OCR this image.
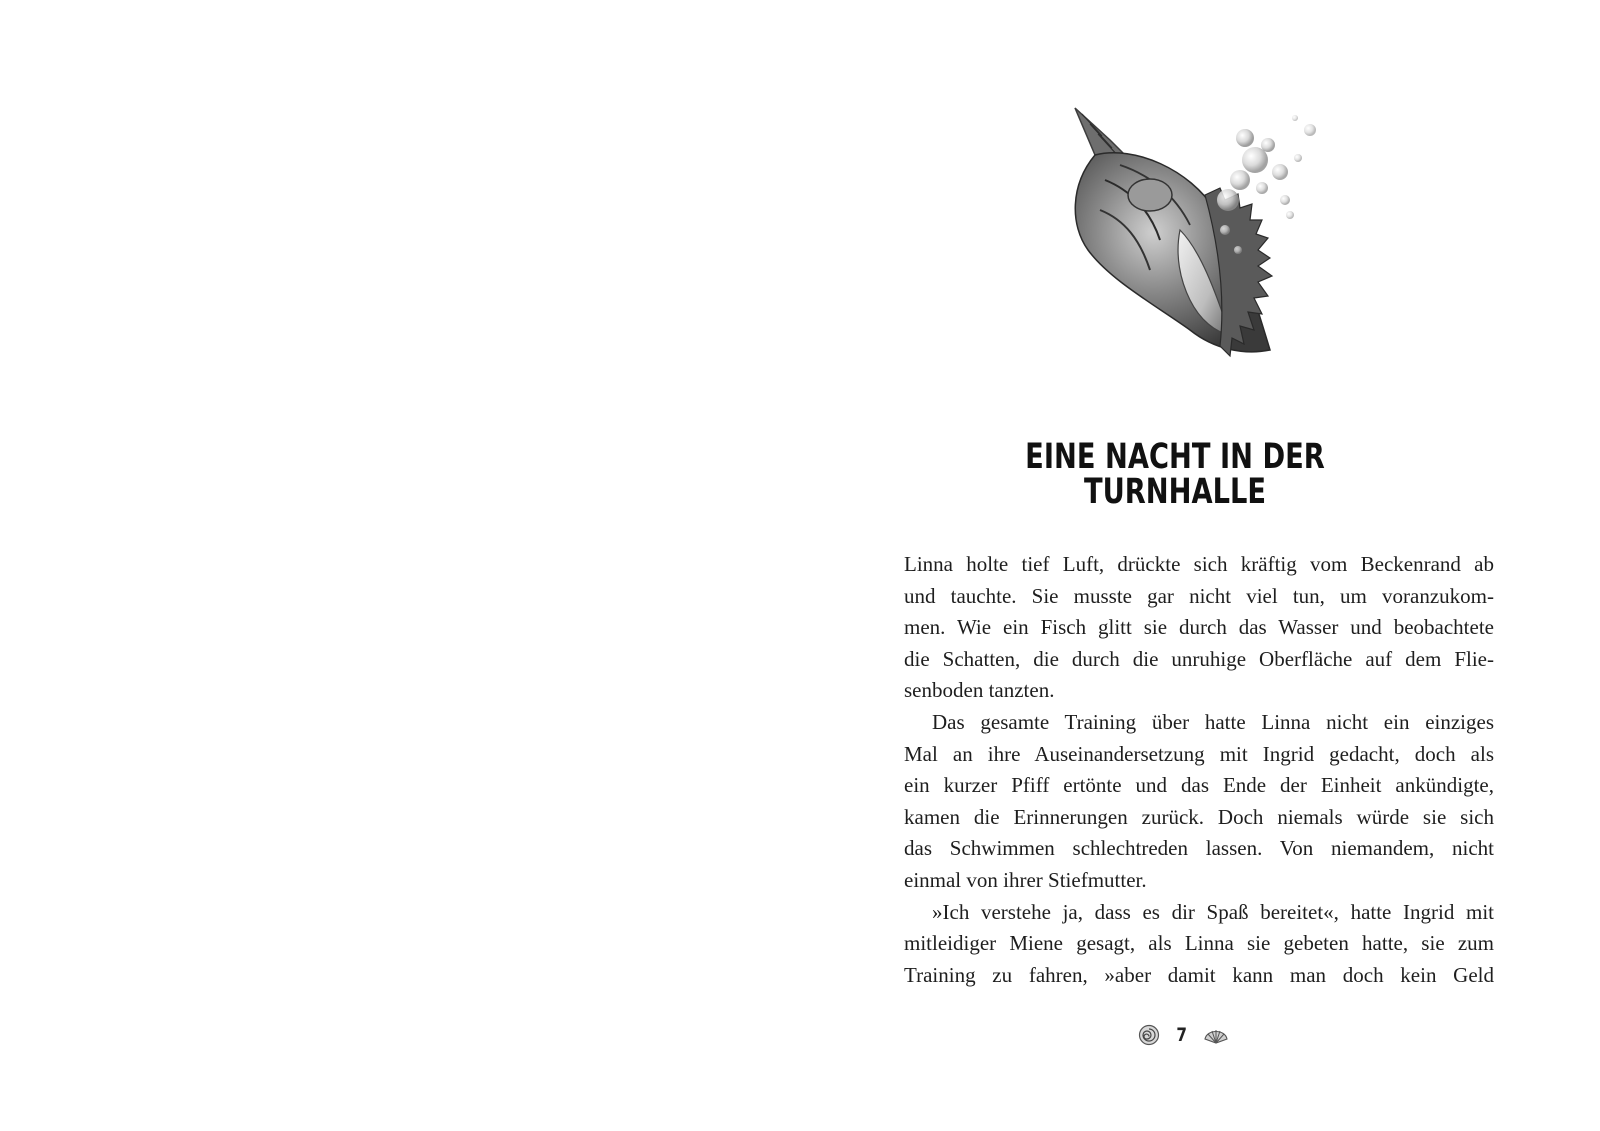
EINE NACHT IN DER TURNHALLE
Linna holte tief Luft, drückte sich kräftig vom Beckenrand ab
und tauchte. Sie musste gar nicht viel tun, um voranzukom-
men. Wie ein Fisch glitt sie durch das Wasser und beobachtete
die Schatten, die durch die unruhige Oberfläche auf dem Flie-
senboden tanzten.
Das gesamte Training über hatte Linna nicht ein einziges
Mal an ihre Auseinandersetzung mit Ingrid gedacht, doch als
ein kurzer Pfiff ertönte und das Ende der Einheit ankündigte,
kamen die Erinnerungen zurück. Doch niemals würde sie sich
das Schwimmen schlechtreden lassen. Von niemandem, nicht
einmal von ihrer Stiefmutter.
»Ich verstehe ja, dass es dir Spaß bereitet«, hatte Ingrid mit
mitleidiger Miene gesagt, als Linna sie gebeten hatte, sie zum
Training zu fahren, »aber damit kann man doch kein Geld
7
